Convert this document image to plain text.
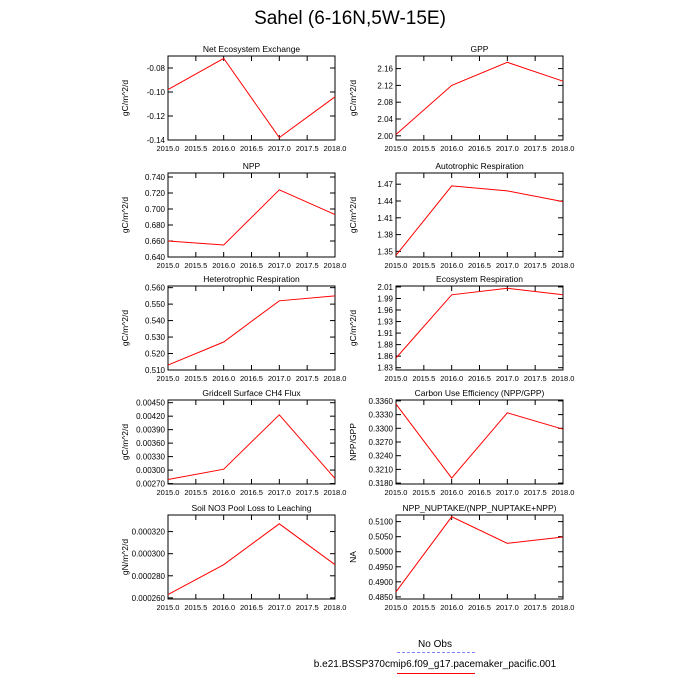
Sahel (6-16N,5W-15E)
Net Ecosystem Exchange
gC/m^2/d
-0.08
-0.10
-0.12
-0.14
2015.0 2015.5 2016.0 2016.5 2017.0 2017.5 2018.0
GPP
gC/m^2/d
2.16
2.12
2.08
2.04
2.00
2015.0 2015.5 2016.0 2016.5 2017.0 2017.5 2018.0
NPP
gC/m^2/d
0.740
0.720
0.700
0.680
0.660
0.640
2015.0 2015.5 2016.0 2016.5 2017.0 2017.5 2018.0
Autotrophic Respiration
gC/m^2/d
1.47
1.44
1.41
1.38
1.35
2015.0 2015.5 2016.0 2016.5 2017.0 2017.5 2018.0
Heterotrophic Respiration
gC/m^2/d
0.560
0.550
0.540
0.530
0.520
0.510
2015.0 2015.5 2016.0 2016.5 2017.0 2017.5 2018.0
Ecosystem Respiration
gC/m^2/d
2.01
1.99
1.96
1.93
1.91
1.88
1.86
1.83
2015.0 2015.5 2016.0 2016.5 2017.0 2017.5 2018.0
Gridcell Surface CH4 Flux
gC/m^2/d
0.00450
0.00420
0.00390
0.00360
0.00330
0.00300
0.00270
2015.0 2015.5 2016.0 2016.5 2017.0 2017.5 2018.0
Carbon Use Efficiency (NPP/GPP)
NPP/GPP
0.3360
0.3330
0.3300
0.3270
0.3240
0.3210
0.3180
2015.0 2015.5 2016.0 2016.5 2017.0 2017.5 2018.0
Soil NO3 Pool Loss to Leaching
gN/m^2/d
0.000320
0.000300
0.000280
0.000260
2015.0 2015.5 2016.0 2016.5 2017.0 2017.5 2018.0
NPP_NUPTAKE/(NPP_NUPTAKE+NPP)
NA
0.5100
0.5050
0.5000
0.4950
0.4900
0.4850
2015.0 2015.5 2016.0 2016.5 2017.0 2017.5 2018.0
No Obs
b.e21.BSSP370cmip6.f09_g17.pacemaker_pacific.001
